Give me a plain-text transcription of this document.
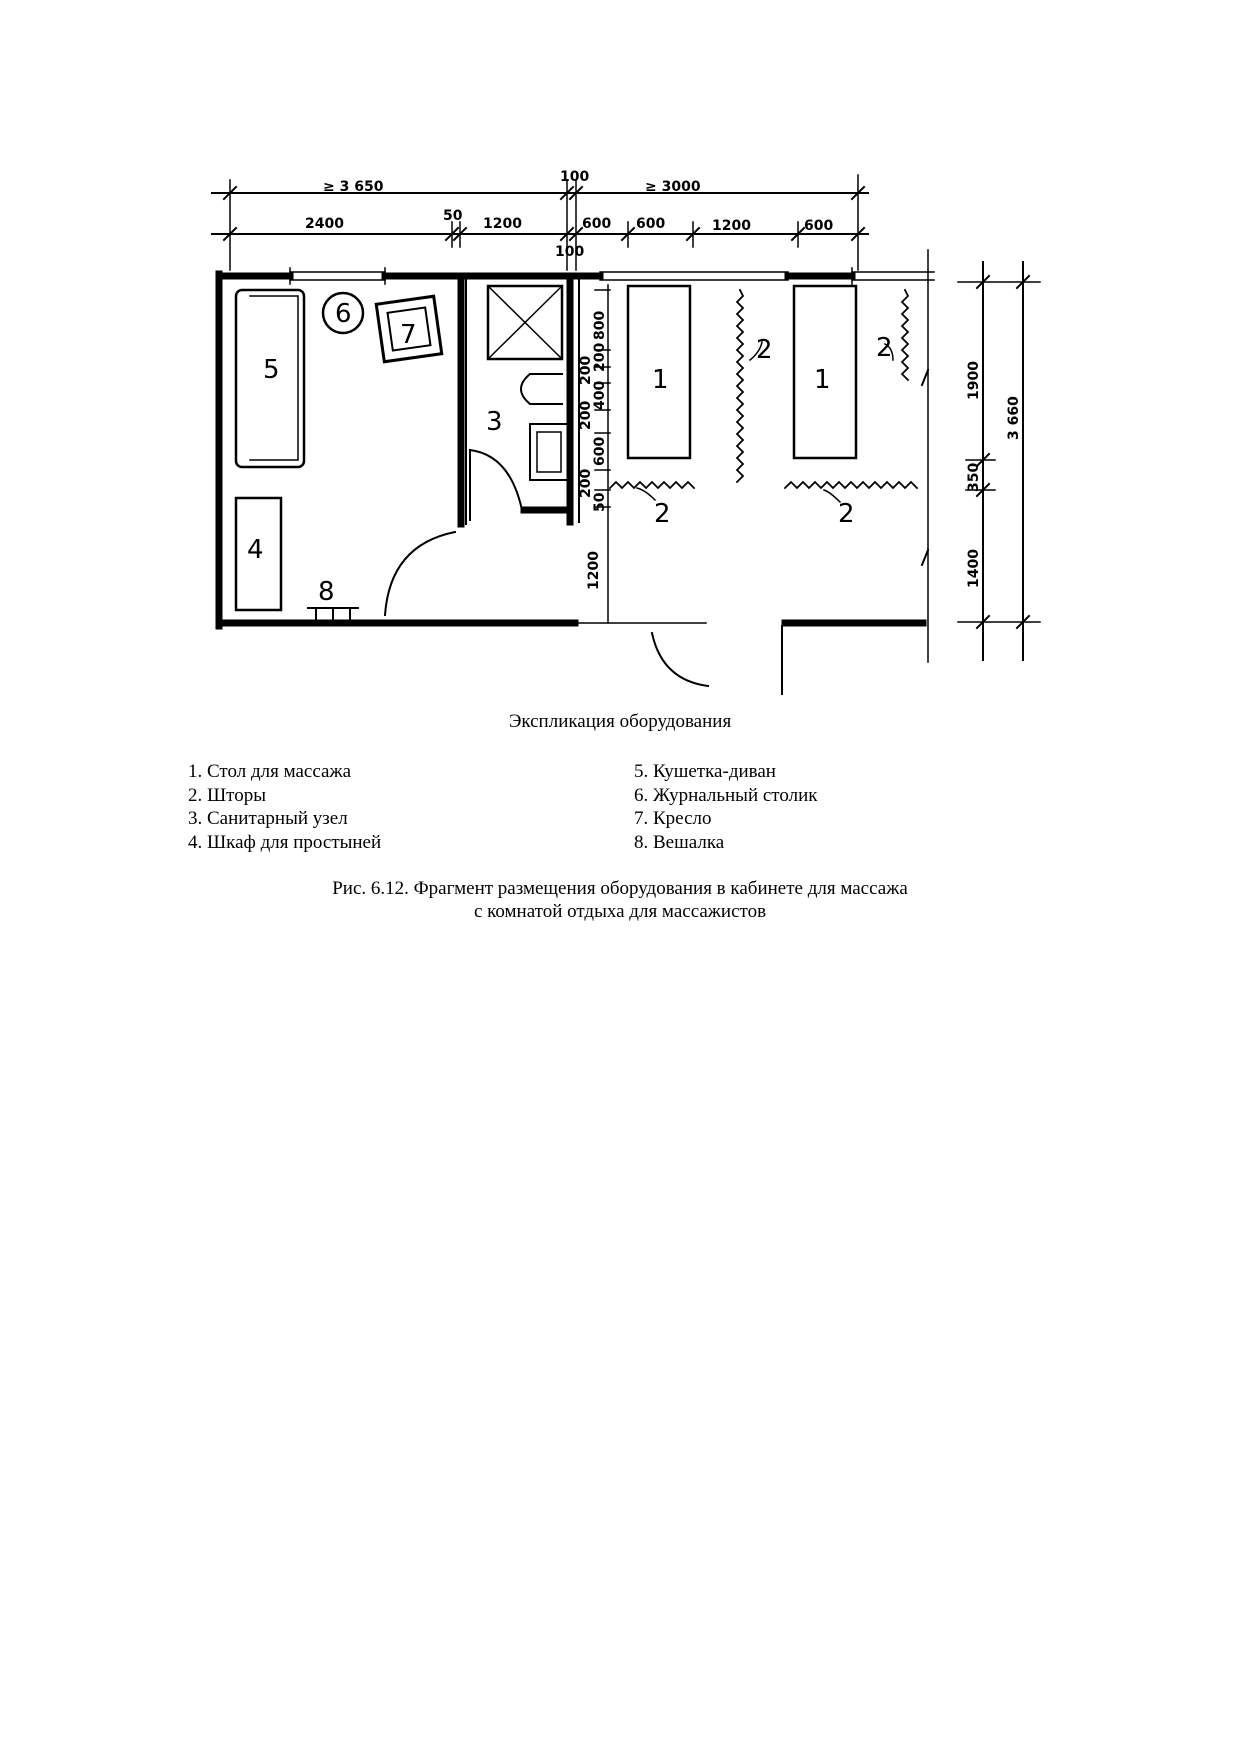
≥ 3 650
100
≥ 3000
2400	50 1200	600 600	1200	600
100
800
200
200
400
200
600
200
50
1200
1900
350
1400
3 660
1	1
2	2
2	2
3
4
5
6
7
8
Экспликация оборудования
1. Стол для массажа
2. Шторы
3. Санитарный узел
4. Шкаф для простыней
5. Кушетка-диван
6. Журнальный столик
7. Кресло
8. Вешалка
Рис. 6.12. Фрагмент размещения оборудования в кабинете для массажа
с комнатой отдыха для массажистов
